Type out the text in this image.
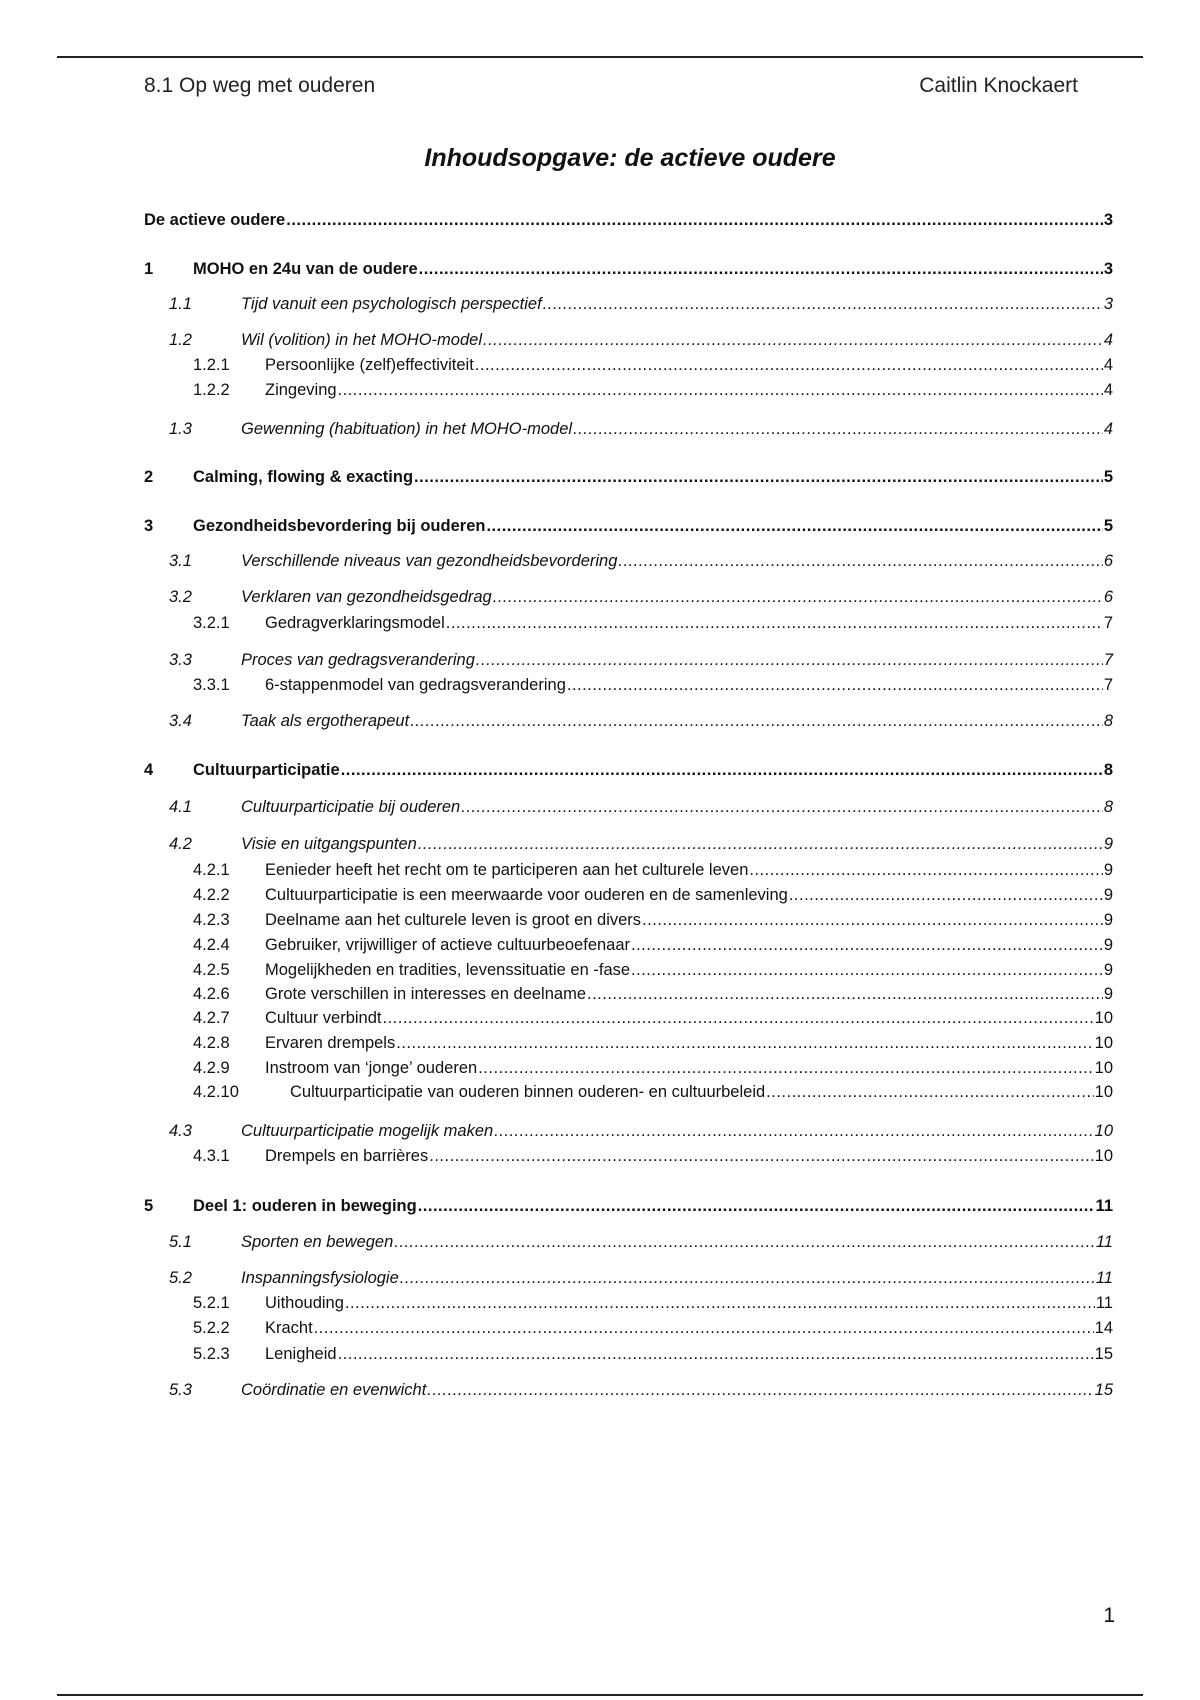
8.1 Op weg met ouderen	Caitlin Knockaert
Inhoudsopgave: de actieve oudere
De actieve oudere .....	3
1	MOHO en 24u van de oudere .....	3
1.1	Tijd vanuit een psychologisch perspectief .....	3
1.2	Wil (volition) in het MOHO-model .....	4
1.2.1	Persoonlijke (zelf)effectiviteit .....	4
1.2.2	Zingeving .....	4
1.3	Gewenning (habituation) in het MOHO-model .....	4
2	Calming, flowing & exacting .....	5
3	Gezondheidsbevordering bij ouderen .....	5
3.1	Verschillende niveaus van gezondheidsbevordering .....	6
3.2	Verklaren van gezondheidsgedrag .....	6
3.2.1	Gedragverklaringsmodel .....	7
3.3	Proces van gedragsverandering .....	7
3.3.1	6-stappenmodel van gedragsverandering .....	7
3.4	Taak als ergotherapeut .....	8
4	Cultuurparticipatie .....	8
4.1	Cultuurparticipatie bij ouderen .....	8
4.2	Visie en uitgangspunten .....	9
4.2.1	Eenieder heeft het recht om te participeren aan het culturele leven .....	9
4.2.2	Cultuurparticipatie is een meerwaarde voor ouderen en de samenleving .....	9
4.2.3	Deelname aan het culturele leven is groot en divers .....	9
4.2.4	Gebruiker, vrijwilliger of actieve cultuurbeoefenaar .....	9
4.2.5	Mogelijkheden en tradities, levenssituatie en -fase .....	9
4.2.6	Grote verschillen in interesses en deelname .....	9
4.2.7	Cultuur verbindt .....	10
4.2.8	Ervaren drempels .....	10
4.2.9	Instroom van ‘jonge’ ouderen .....	10
4.2.10	Cultuurparticipatie van ouderen binnen ouderen- en cultuurbeleid .....	10
4.3	Cultuurparticipatie mogelijk maken .....	10
4.3.1	Drempels en barrières .....	10
5	Deel 1: ouderen in beweging .....	11
5.1	Sporten en bewegen .....	11
5.2	Inspanningsfysiologie .....	11
5.2.1	Uithouding .....	11
5.2.2	Kracht .....	14
5.2.3	Lenigheid .....	15
5.3	Coördinatie en evenwicht .....	15
1
